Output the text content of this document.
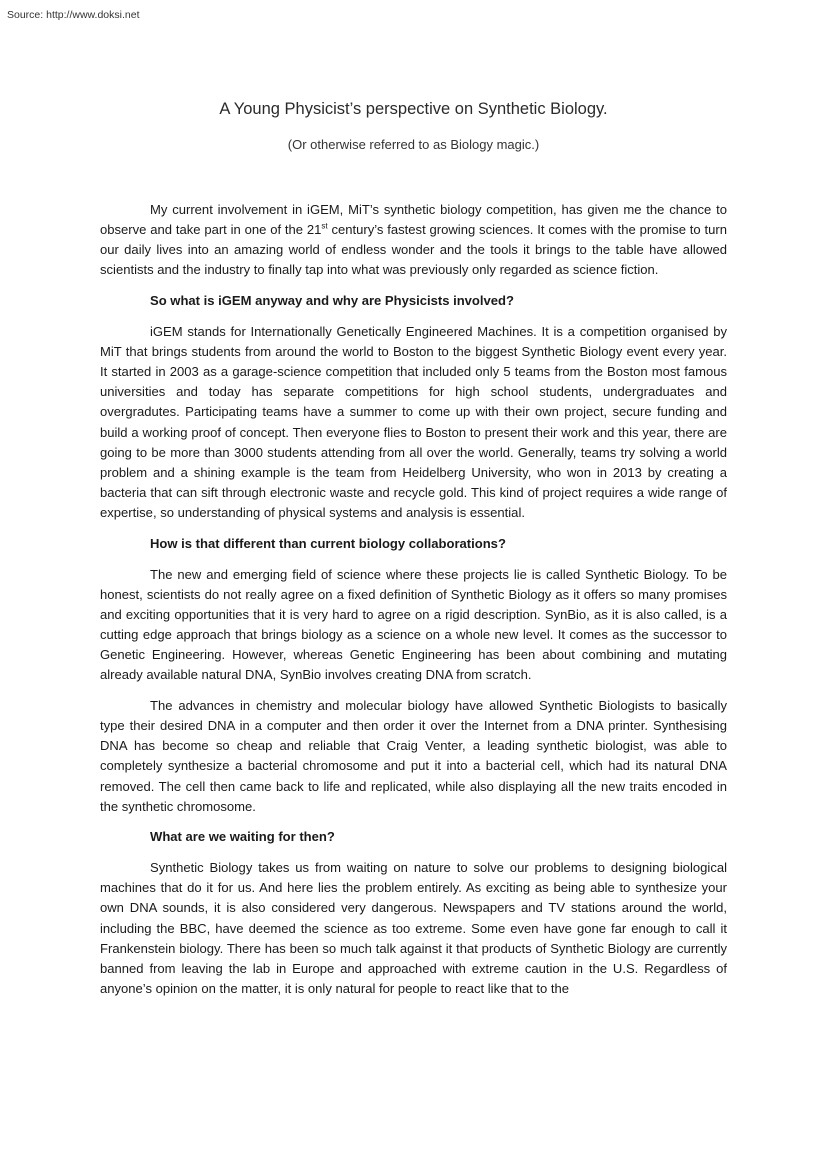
Source: http://www.doksi.net
A Young Physicist’s perspective on Synthetic Biology.

(Or otherwise referred to as Biology magic.)

My current involvement in iGEM, MiT’s synthetic biology competition, has given me the chance to observe and take part in one of the 21st century’s fastest growing sciences. It comes with the promise to turn our daily lives into an amazing world of endless wonder and the tools it brings to the table have allowed scientists and the industry to finally tap into what was previously only regarded as science fiction.

So what is iGEM anyway and why are Physicists involved?

iGEM stands for Internationally Genetically Engineered Machines. It is a competition organised by MiT that brings students from around the world to Boston to the biggest Synthetic Biology event every year. It started in 2003 as a garage-science competition that included only 5 teams from the Boston most famous universities and today has separate competitions for high school students, undergraduates and overgradutes. Participating teams have a summer to come up with their own project, secure funding and build a working proof of concept. Then everyone flies to Boston to present their work and this year, there are going to be more than 3000 students attending from all over the world. Generally, teams try solving a world problem and a shining example is the team from Heidelberg University, who won in 2013 by creating a bacteria that can sift through electronic waste and recycle gold. This kind of project requires a wide range of expertise, so understanding of physical systems and analysis is essential.

How is that different than current biology collaborations?

The new and emerging field of science where these projects lie is called Synthetic Biology. To be honest, scientists do not really agree on a fixed definition of Synthetic Biology as it offers so many promises and exciting opportunities that it is very hard to agree on a rigid description. SynBio, as it is also called, is a cutting edge approach that brings biology as a science on a whole new level. It comes as the successor to Genetic Engineering. However, whereas Genetic Engineering has been about combining and mutating already available natural DNA, SynBio involves creating DNA from scratch.

The advances in chemistry and molecular biology have allowed Synthetic Biologists to basically type their desired DNA in a computer and then order it over the Internet from a DNA printer. Synthesising DNA has become so cheap and reliable that Craig Venter, a leading synthetic biologist, was able to completely synthesize a bacterial chromosome and put it into a bacterial cell, which had its natural DNA removed. The cell then came back to life and replicated, while also displaying all the new traits encoded in the synthetic chromosome.

What are we waiting for then?

Synthetic Biology takes us from waiting on nature to solve our problems to designing biological machines that do it for us. And here lies the problem entirely. As exciting as being able to synthesize your own DNA sounds, it is also considered very dangerous. Newspapers and TV stations around the world, including the BBC, have deemed the science as too extreme. Some even have gone far enough to call it Frankenstein biology. There has been so much talk against it that products of Synthetic Biology are currently banned from leaving the lab in Europe and approached with extreme caution in the U.S. Regardless of anyone’s opinion on the matter, it is only natural for people to react like that to the
